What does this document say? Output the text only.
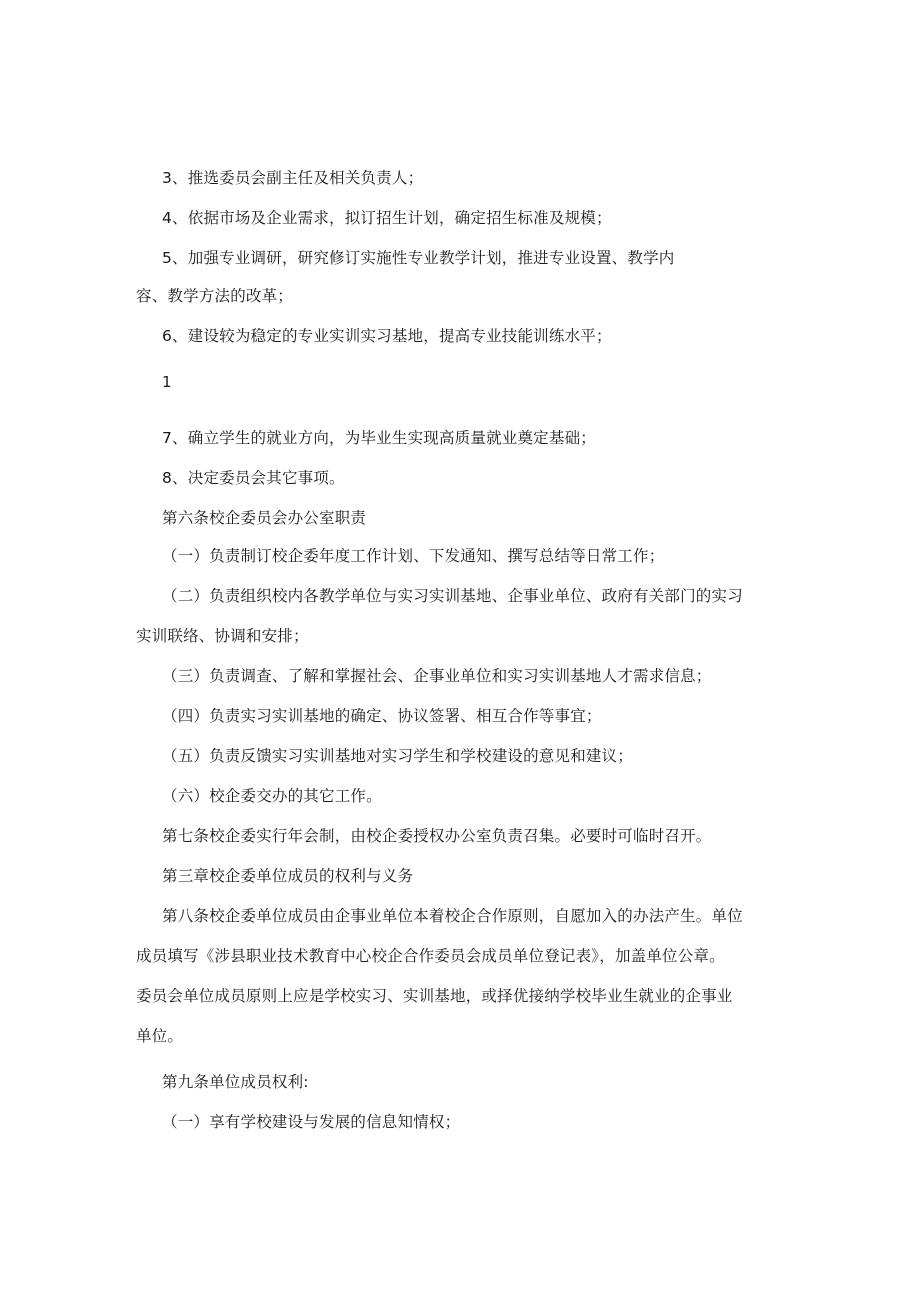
3、推选委员会副主任及相关负责人；
4、依据市场及企业需求，拟订招生计划，确定招生标准及规模；
5、加强专业调研，研究修订实施性专业教学计划，推进专业设置、教学内
容、教学方法的改革；
6、建设较为稳定的专业实训实习基地，提高专业技能训练水平；
1
7、确立学生的就业方向，为毕业生实现高质量就业奠定基础；
8、决定委员会其它事项。
第六条校企委员会办公室职责
（一）负责制订校企委年度工作计划、下发通知、撰写总结等日常工作；
（二）负责组织校内各教学单位与实习实训基地、企事业单位、政府有关部门的实习
实训联络、协调和安排；
（三）负责调查、了解和掌握社会、企事业单位和实习实训基地人才需求信息；
（四）负责实习实训基地的确定、协议签署、相互合作等事宜；
（五）负责反馈实习实训基地对实习学生和学校建设的意见和建议；
（六）校企委交办的其它工作。
第七条校企委实行年会制，由校企委授权办公室负责召集。必要时可临时召开。
第三章校企委单位成员的权利与义务
第八条校企委单位成员由企事业单位本着校企合作原则，自愿加入的办法产生。单位
成员填写《涉县职业技术教育中心校企合作委员会成员单位登记表》，加盖单位公章。
委员会单位成员原则上应是学校实习、实训基地，或择优接纳学校毕业生就业的企事业
单位。
第九条单位成员权利:
（一）享有学校建设与发展的信息知情权；
